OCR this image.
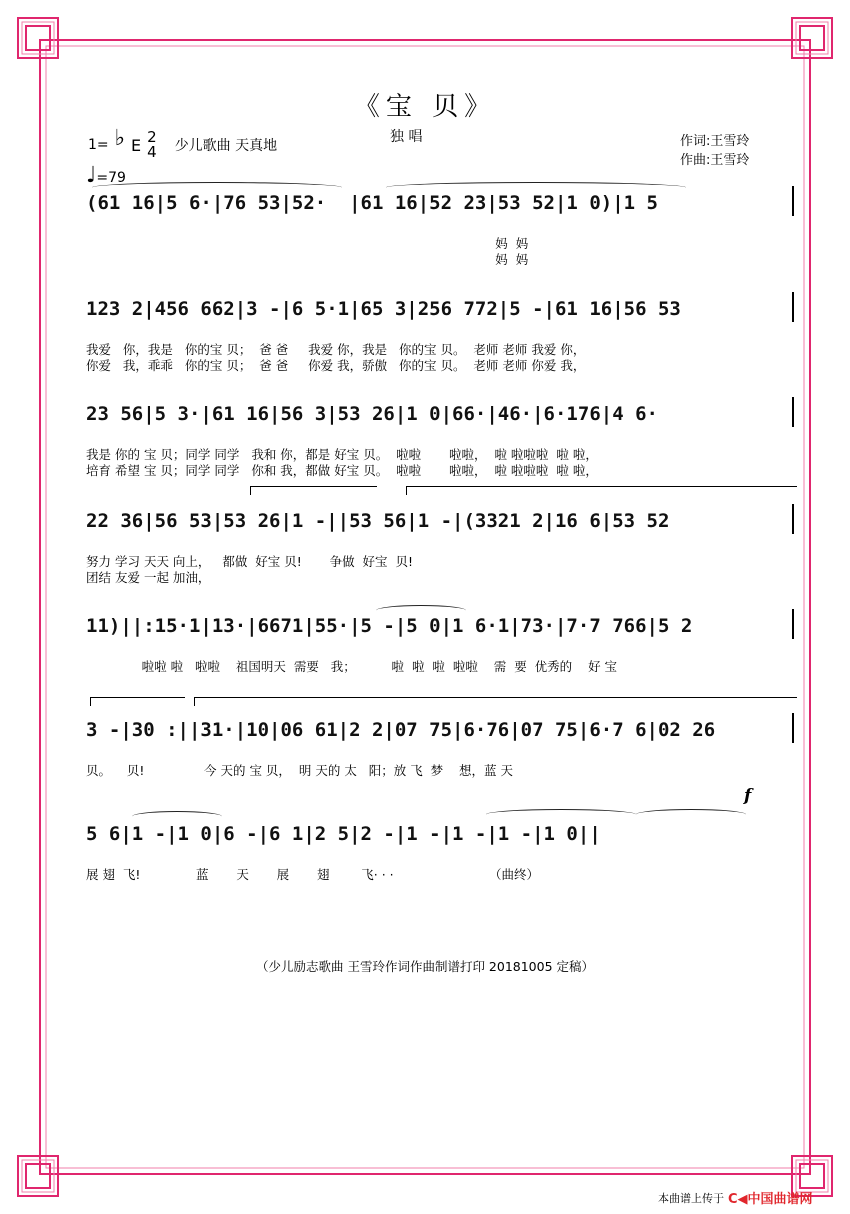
《宝 贝》
独 唱
1= ♭ E 2
4 少儿歌曲 天真地
♩ =79
作词:王雪玲
作曲:王雪玲
(61 16|5 6·|76 53|52·  |61 16|52 23|53 52|1 0)|1 5
妈  妈
妈  妈
123 2|456 662|3 -|6 5·1|65 3|256 772|5 -|61 16|56 53
我爱   你，我是   你的宝 贝；  爸 爸     我爱 你，我是   你的宝 贝。  老师 老师 我爱 你，
你爱   我，乖乖   你的宝 贝；  爸 爸     你爱 我，骄傲   你的宝 贝。  老师 老师 你爱 我，
23 56|5 3·|61 16|56 3|53 26|1 0|66·|46·|6·176|4 6·
我是 你的 宝 贝；同学 同学   我和 你，都是 好宝 贝。  啦啦       啦啦，  啦 啦啦啦  啦 啦，
培育 希望 宝 贝；同学 同学   你和 我，都做 好宝 贝。  啦啦       啦啦，  啦 啦啦啦  啦 啦，
22 36|56 53|53 26|1 -||53 56|1 -|(3321 2|16 6|53 52
努力 学习 天天 向上，   都做  好宝 贝!       争做  好宝  贝!
团结 友爱 一起 加油，
11)||:15·1|13·|6671|55·|5 -|5 0|1 6·1|73·|7·7 766|5 2
啦啦 啦   啦啦    祖国明天  需要   我；         啦  啦  啦  啦啦    需  要  优秀的    好 宝
3 -|30 :||31·|10|06 61|2 2|07 75|6·76|07 75|6·7 6|02 26
贝。    贝!               今 天的 宝 贝，  明 天的 太   阳；放 飞  梦    想，蓝 天
f
5 6|1 -|1 0|6 -|6 1|2 5|2 -|1 -|1 -|1 -|1 0||
展 翅  飞!              蓝       天       展       翅        飞· · ·                        （曲终）
（少儿励志歌曲 王雪玲作词作曲制谱打印 20181005 定稿）
本曲谱上传于 C◀中国曲谱网
